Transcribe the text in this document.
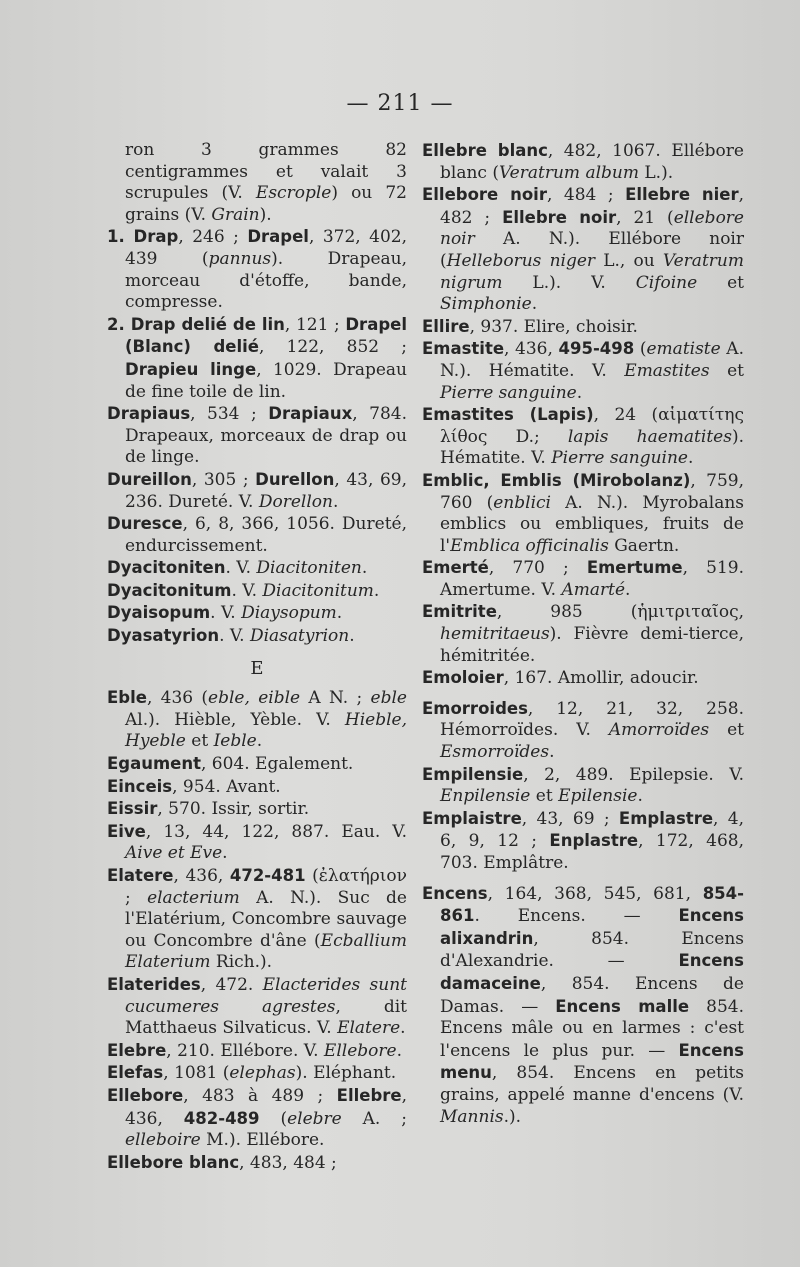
— 211 —

ron 3 grammes 82 centigrammes et valait 3 scrupules (V. Escrople) ou 72 grains (V. Grain).

1. Drap, 246 ; Drapel, 372, 402, 439 (pannus). Drapeau, morceau d'étoffe, bande, compresse.

2. Drap delié de lin, 121 ; Drapel (Blanc) delié, 122, 852 ; Drapieu linge, 1029. Drapeau de fine toile de lin.

Drapiaus, 534 ; Drapiaux, 784. Drapeaux, morceaux de drap ou de linge.

Dureillon, 305 ; Durellon, 43, 69, 236. Dureté. V. Dorellon.

Duresce, 6, 8, 366, 1056. Dureté, endurcissement.

Dyacitoniten. V. Diacitoniten.

Dyacitonitum. V. Diacitonitum.

Dyaisopum. V. Diaysopum.

Dyasatyrion. V. Diasatyrion.

E

Eble, 436 (eble, eible A N. ; eble Al.). Hièble, Yèble. V. Hieble, Hyeble et Ieble.

Egaument, 604. Egalement.

Einceis, 954. Avant.

Eissir, 570. Issir, sortir.

Eive, 13, 44, 122, 887. Eau. V. Aive et Eve.

Elatere, 436, 472-481 (ἐλατήριον ; elacterium A. N.). Suc de l'Elatérium, Concombre sauvage ou Concombre d'âne (Ecballium Elaterium Rich.).

Elaterides, 472. Elacterides sunt cucumeres agrestes, dit Matthaeus Silvaticus. V. Elatere.

Elebre, 210. Ellébore. V. Ellebore.

Elefas, 1081 (elephas). Eléphant.

Ellebore, 483 à 489 ; Ellebre, 436, 482-489 (elebre A. ; elleboire M.). Ellébore.

Ellebore blanc, 483, 484 ;

Ellebre blanc, 482, 1067. Ellébore blanc (Veratrum album L.).

Ellebore noir, 484 ; Ellebre nier, 482 ; Ellebre noir, 21 (ellebore noir A. N.). Ellébore noir (Helleborus niger L., ou Veratrum nigrum L.). V. Cifoine et Simphonie.

Ellire, 937. Elire, choisir.

Emastite, 436, 495-498 (ematiste A. N.). Hématite. V. Emastites et Pierre sanguine.

Emastites (Lapis), 24 (αἱματίτης λίθος D.; lapis haematites). Hématite. V. Pierre sanguine.

Emblic, Emblis (Mirobolanz), 759, 760 (enblici A. N.). Myrobalans emblics ou embliques, fruits de l'Emblica officinalis Gaertn.

Emerté, 770 ; Emertume, 519. Amertume. V. Amarté.

Emitrite, 985 (ἡμιτριταῖος, hemitritaeus). Fièvre demi-tierce, hémitritée.

Emoloier, 167. Amollir, adoucir.

Emorroides, 12, 21, 32, 258. Hémorroïdes. V. Amorroïdes et Esmorroïdes.

Empilensie, 2, 489. Epilepsie. V. Enpilensie et Epilensie.

Emplaistre, 43, 69 ; Emplastre, 4, 6, 9, 12 ; Enplastre, 172, 468, 703. Emplâtre.

Encens, 164, 368, 545, 681, 854-861. Encens. — Encens alixandrin, 854. Encens d'Alexandrie. — Encens damaceine, 854. Encens de Damas. — Encens malle 854. Encens mâle ou en larmes : c'est l'encens le plus pur. — Encens menu, 854. Encens en petits grains, appelé manne d'encens (V. Mannis.).
